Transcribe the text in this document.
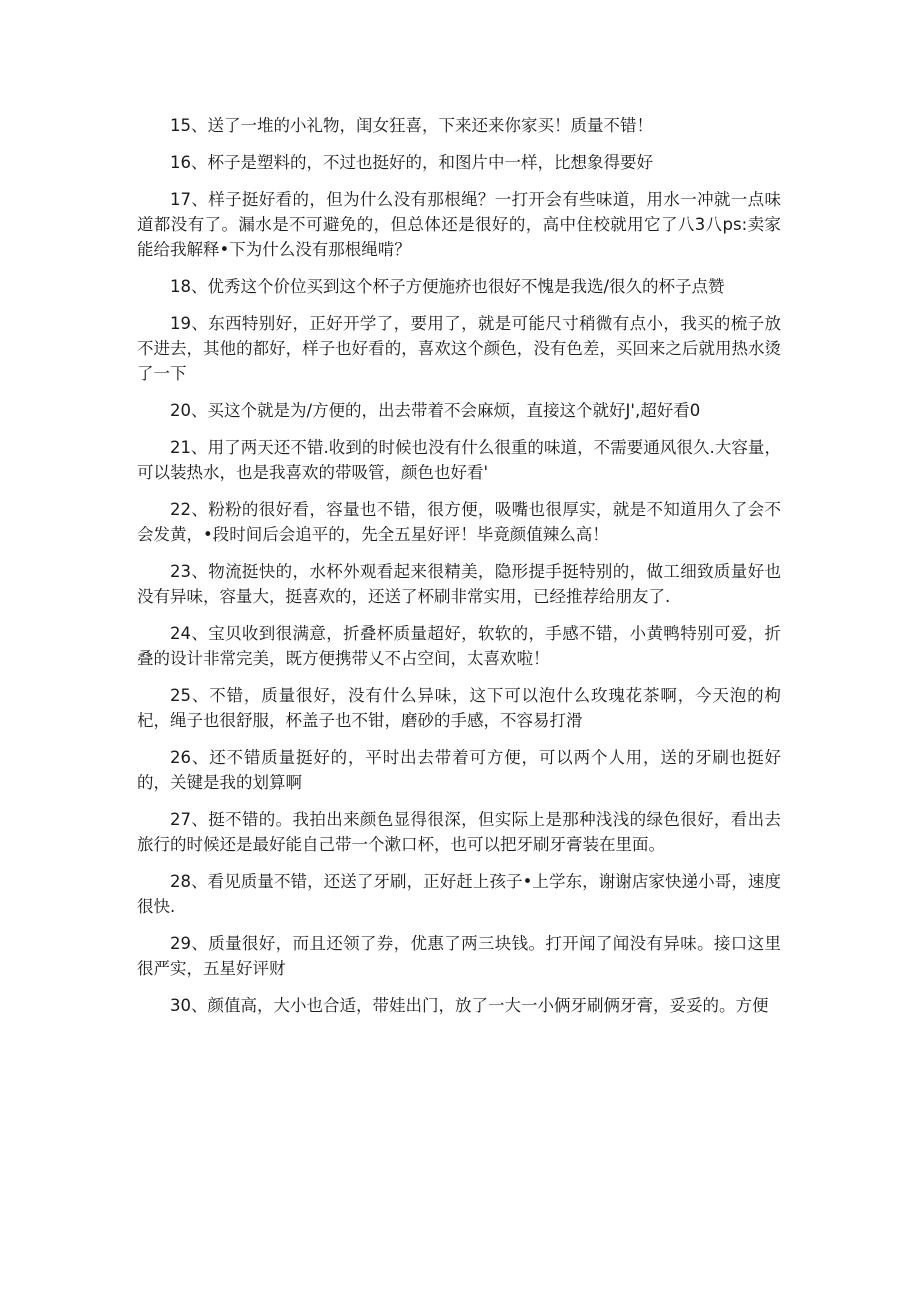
15、送了一堆的小礼物，闺女狂喜，下来还来你家买！质量不错！

16、杯子是塑料的，不过也挺好的，和图片中一样，比想象得要好

17、样子挺好看的，但为什么没有那根绳？一打开会有些味道，用水一冲就一点味道都没有了。漏水是不可避免的，但总体还是很好的，高中住校就用它了八3八ps:卖家能给我解释•下为什么没有那根绳啃？

18、优秀这个价位买到这个杯子方便施疥也很好不愧是我选/很久的杯子点赞

19、东西特别好，正好开学了，要用了，就是可能尺寸稍微有点小，我买的梳子放不进去，其他的都好，样子也好看的，喜欢这个颜色，没有色差，买回来之后就用热水烫了一下

20、买这个就是为/方便的，出去带着不会麻烦，直接这个就好J',超好看0

21、用了两天还不错.收到的时候也没有什么很重的味道，不需要通风很久.大容量，可以装热水，也是我喜欢的带吸管，颜色也好看'

22、粉粉的很好看，容量也不错，很方便，吸嘴也很厚实，就是不知道用久了会不会发黄，•段时间后会追平的，先全五星好评！毕竟颜值辣么高！

23、物流挺快的，水杯外观看起来很精美，隐形提手挺特别的，做工细致质量好也没有异味，容量大，挺喜欢的，还送了杯刷非常实用，已经推荐给朋友了.

24、宝贝收到很满意，折叠杯质量超好，软软的，手感不错，小黄鸭特别可爱，折叠的设计非常完美，既方便携带乂不占空间，太喜欢啦！

25、不错，质量很好，没有什么异味，这下可以泡什么玫瑰花茶啊，今天泡的枸杞，绳子也很舒服，杯盖子也不钳，磨砂的手感，不容易打滑

26、还不错质量挺好的，平时出去带着可方便，可以两个人用，送的牙刷也挺好的，关键是我的划算啊

27、挺不错的。我拍出来颜色显得很深，但实际上是那种浅浅的绿色很好，看出去旅行的时候还是最好能自己带一个漱口杯，也可以把牙刷牙膏装在里面。

28、看见质量不错，还送了牙刷，正好赶上孩子•上学东，谢谢店家快递小哥，速度很快.

29、质量很好，而且还领了券，优惠了两三块钱。打开闻了闻没有异味。接口这里很严实，五星好评财

30、颜值高，大小也合适，带娃出门，放了一大一小俩牙刷俩牙膏，妥妥的。方便
